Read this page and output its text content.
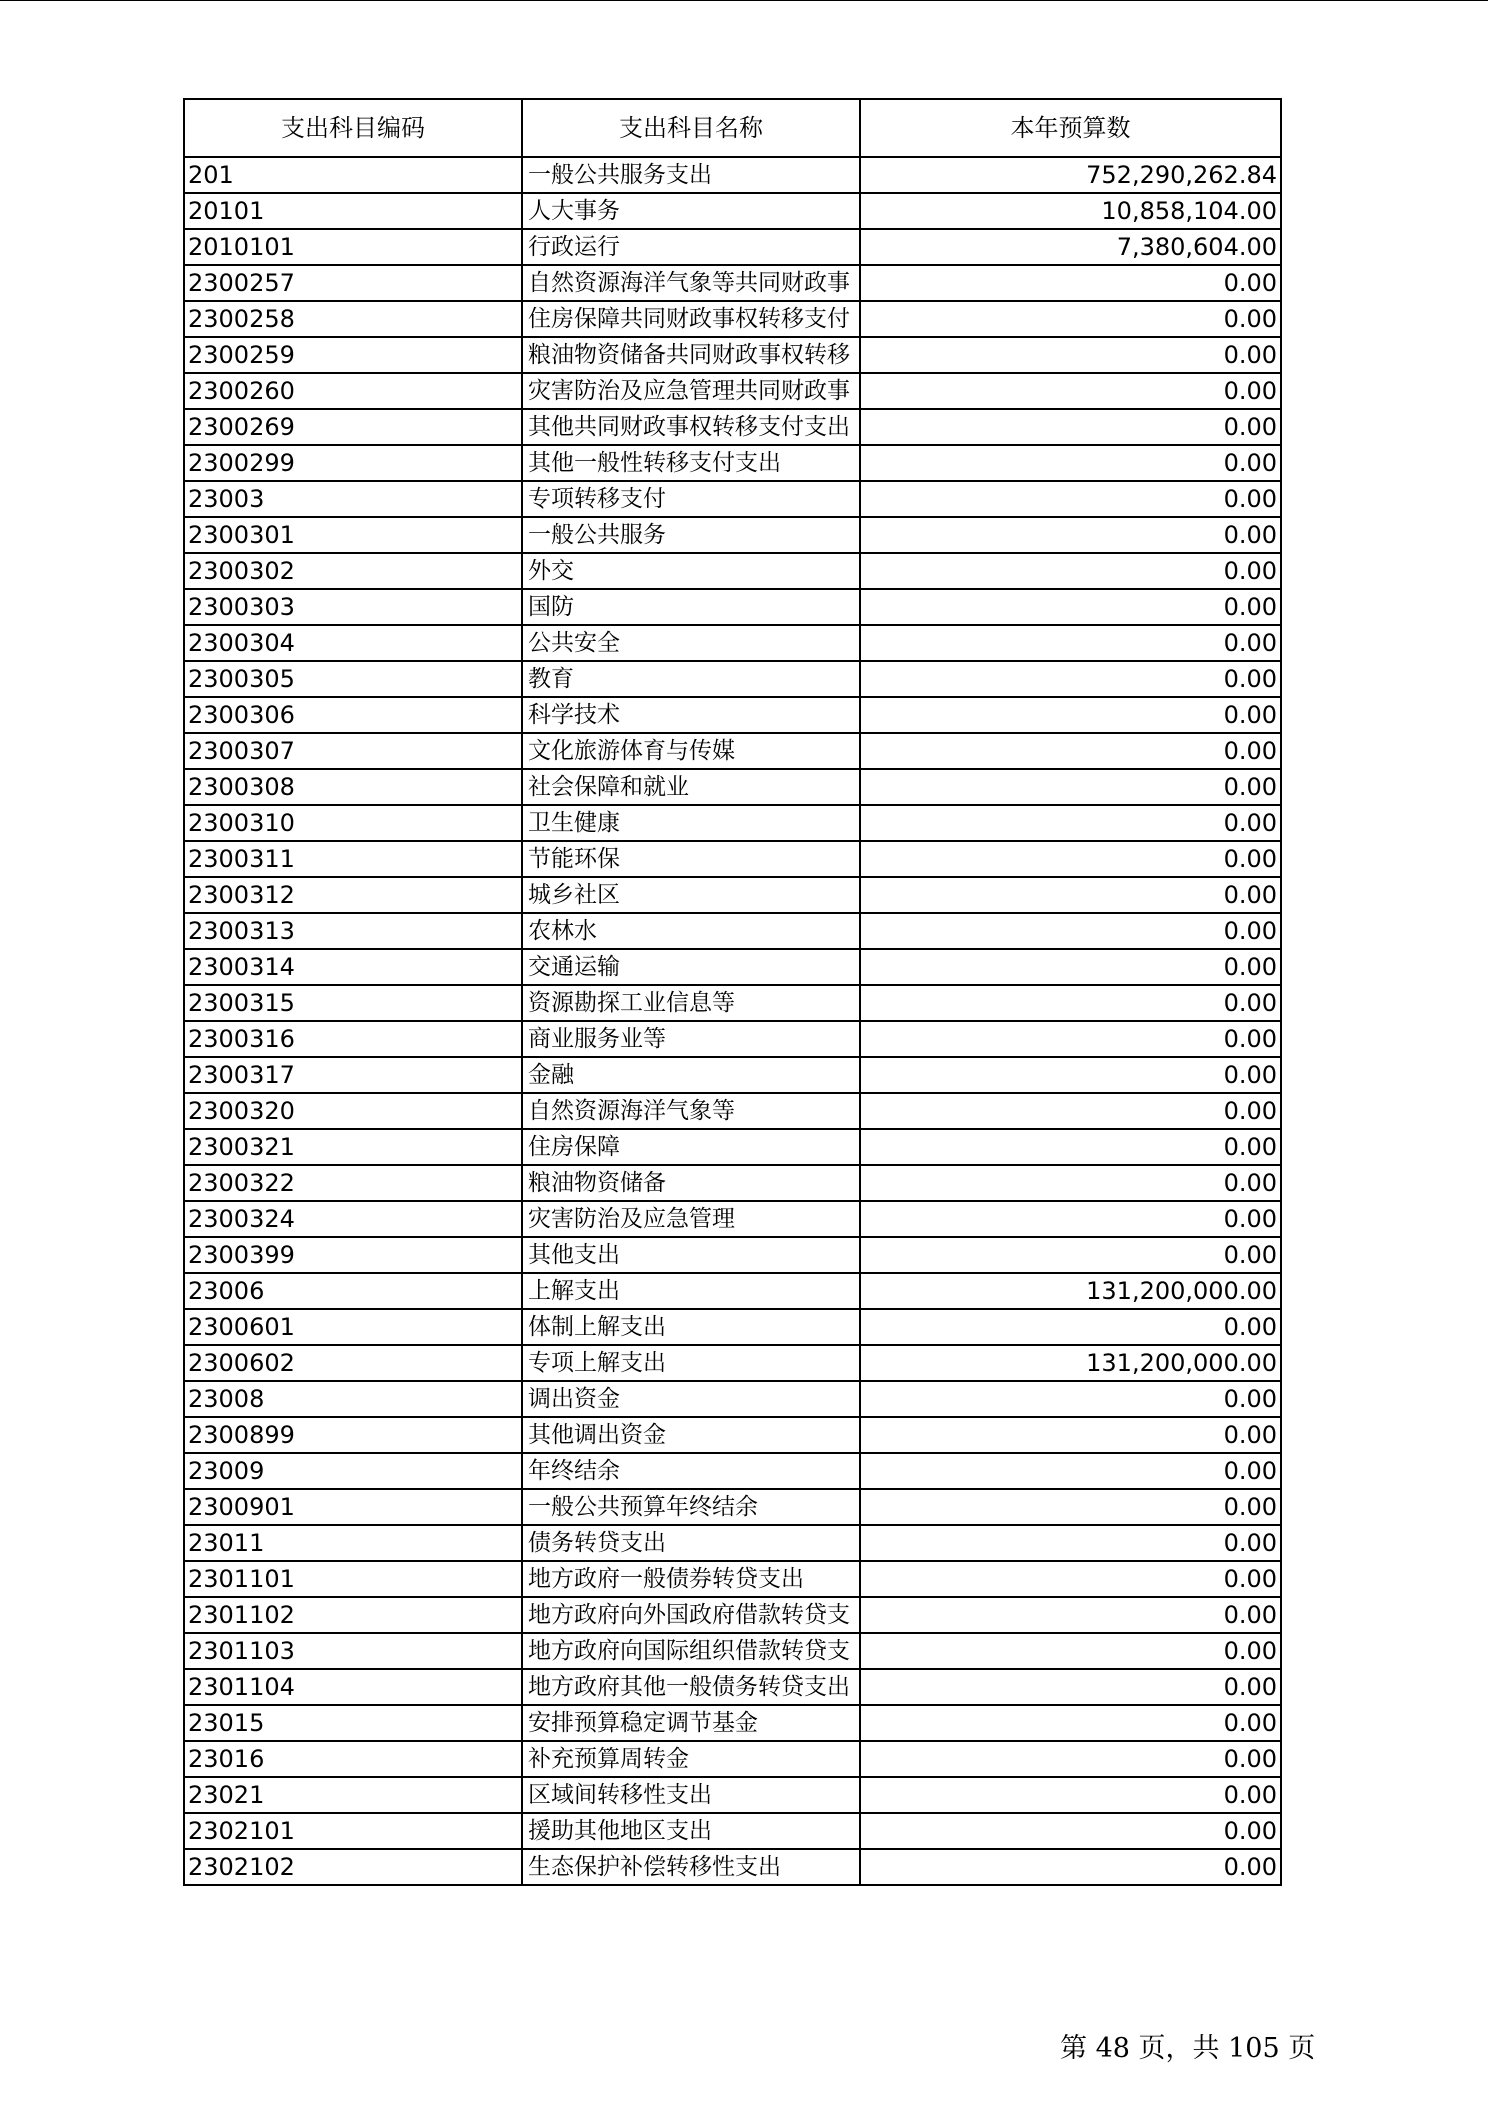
支出科目编码	支出科目名称	本年预算数
201	一般公共服务支出	752,290,262.84
20101	人大事务	10,858,104.00
2010101	行政运行	7,380,604.00
2300257	自然资源海洋气象等共同财政事	0.00
2300258	住房保障共同财政事权转移支付	0.00
2300259	粮油物资储备共同财政事权转移	0.00
2300260	灾害防治及应急管理共同财政事	0.00
2300269	其他共同财政事权转移支付支出	0.00
2300299	其他一般性转移支付支出	0.00
23003	专项转移支付	0.00
2300301	一般公共服务	0.00
2300302	外交	0.00
2300303	国防	0.00
2300304	公共安全	0.00
2300305	教育	0.00
2300306	科学技术	0.00
2300307	文化旅游体育与传媒	0.00
2300308	社会保障和就业	0.00
2300310	卫生健康	0.00
2300311	节能环保	0.00
2300312	城乡社区	0.00
2300313	农林水	0.00
2300314	交通运输	0.00
2300315	资源勘探工业信息等	0.00
2300316	商业服务业等	0.00
2300317	金融	0.00
2300320	自然资源海洋气象等	0.00
2300321	住房保障	0.00
2300322	粮油物资储备	0.00
2300324	灾害防治及应急管理	0.00
2300399	其他支出	0.00
23006	上解支出	131,200,000.00
2300601	体制上解支出	0.00
2300602	专项上解支出	131,200,000.00
23008	调出资金	0.00
2300899	其他调出资金	0.00
23009	年终结余	0.00
2300901	一般公共预算年终结余	0.00
23011	债务转贷支出	0.00
2301101	地方政府一般债券转贷支出	0.00
2301102	地方政府向外国政府借款转贷支	0.00
2301103	地方政府向国际组织借款转贷支	0.00
2301104	地方政府其他一般债务转贷支出	0.00
23015	安排预算稳定调节基金	0.00
23016	补充预算周转金	0.00
23021	区域间转移性支出	0.00
2302101	援助其他地区支出	0.00
2302102	生态保护补偿转移性支出	0.00
第 48 页，共 105 页
